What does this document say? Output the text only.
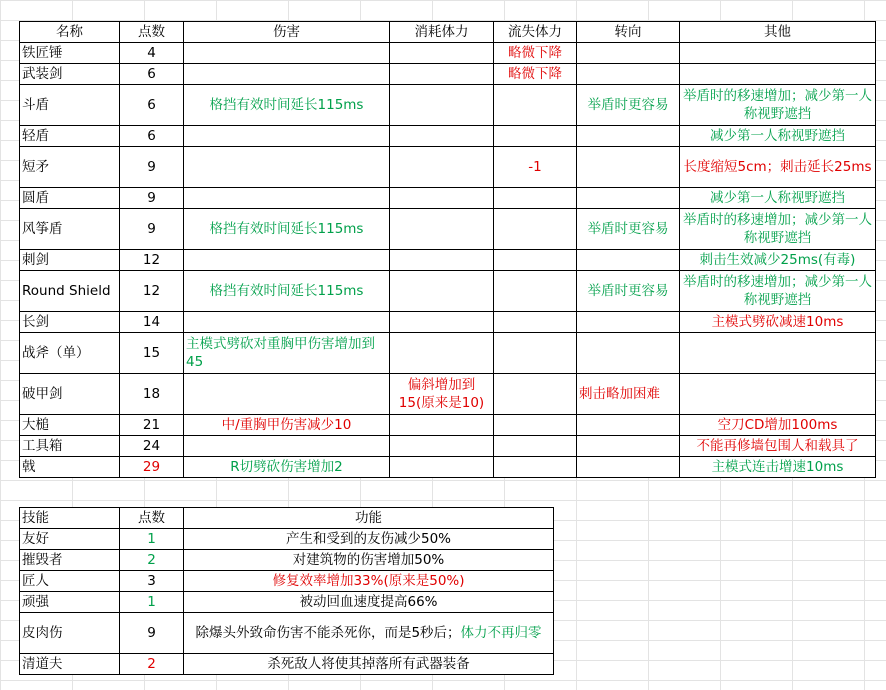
名称	点数	伤害	消耗体力	流失体力	转向	其他
铁匠锤	4			略微下降		
武装剑	6			略微下降		
斗盾	6	格挡有效时间延长115ms			举盾时更容易	举盾时的移速增加；减少第一人称视野遮挡
轻盾	6					减少第一人称视野遮挡
短矛	9			-1		长度缩短5cm；刺击延长25ms
圆盾	9					减少第一人称视野遮挡
风筝盾	9	格挡有效时间延长115ms			举盾时更容易	举盾时的移速增加；减少第一人称视野遮挡
刺剑	12					刺击生效减少25ms(有毒)
Round Shield	12	格挡有效时间延长115ms			举盾时更容易	举盾时的移速增加；减少第一人称视野遮挡
长剑	14					主模式劈砍减速10ms
战斧（单）	15	主模式劈砍对重胸甲伤害增加到45				
破甲剑	18		偏斜增加到15(原来是10)		刺击略加困难	
大槌	21	中/重胸甲伤害减少10				空刀CD增加100ms
工具箱	24					不能再修墙包围人和载具了
戟	29	R切劈砍伤害增加2				主模式连击增速10ms
技能	点数	功能
友好	1	产生和受到的友伤减少50%
摧毁者	2	对建筑物的伤害增加50%
匠人	3	修复效率增加33%(原来是50%)
顽强	1	被动回血速度提高66%
皮肉伤	9	除爆头外致命伤害不能杀死你，而是5秒后；体力不再归零
清道夫	2	杀死敌人将使其掉落所有武器装备
